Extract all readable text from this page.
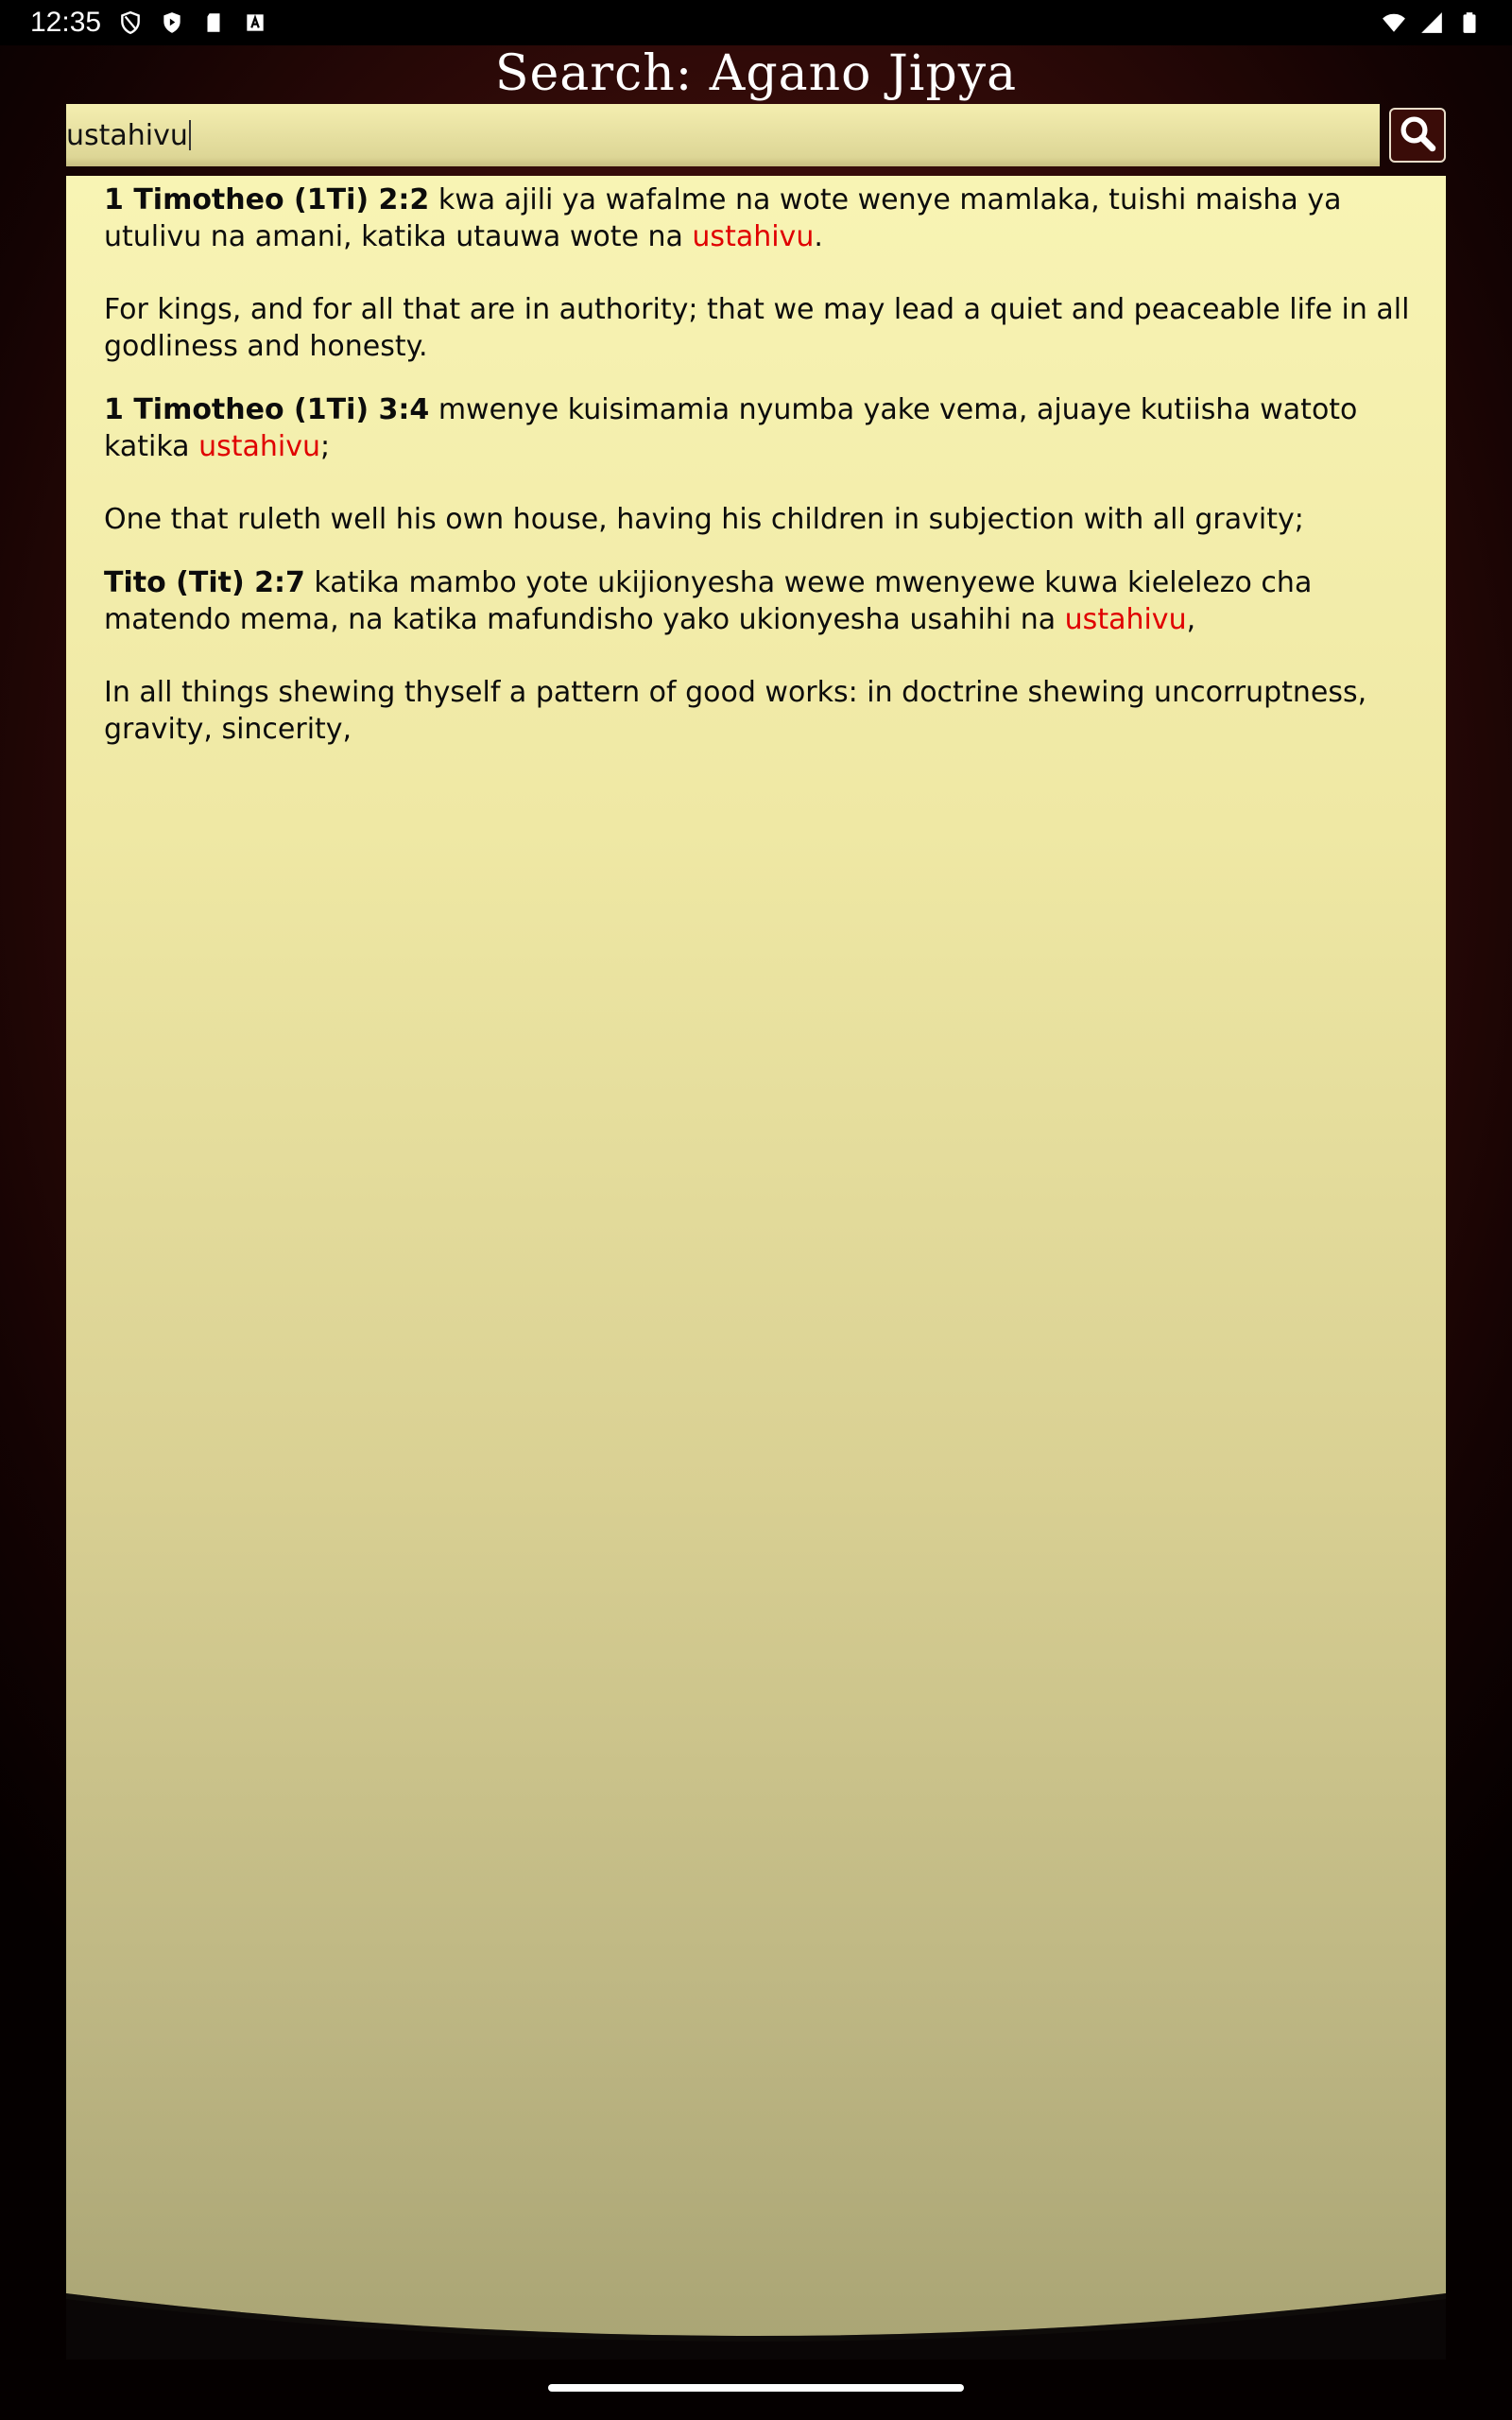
12:35
Search: Agano Jipya
ustahivu
1 Timotheo (1Ti) 2:2 kwa ajili ya wafalme na wote wenye mamlaka, tuishi maisha ya utulivu na amani, katika utauwa wote na ustahivu.
For kings, and for all that are in authority; that we may lead a quiet and peaceable life in all godliness and honesty.
1 Timotheo (1Ti) 3:4 mwenye kuisimamia nyumba yake vema, ajuaye kutiisha watoto katika ustahivu;
One that ruleth well his own house, having his children in subjection with all gravity;
Tito (Tit) 2:7 katika mambo yote ukijionyesha wewe mwenyewe kuwa kielelezo cha matendo mema, na katika mafundisho yako ukionyesha usahihi na ustahivu,
In all things shewing thyself a pattern of good works: in doctrine shewing uncorruptness, gravity, sincerity,
